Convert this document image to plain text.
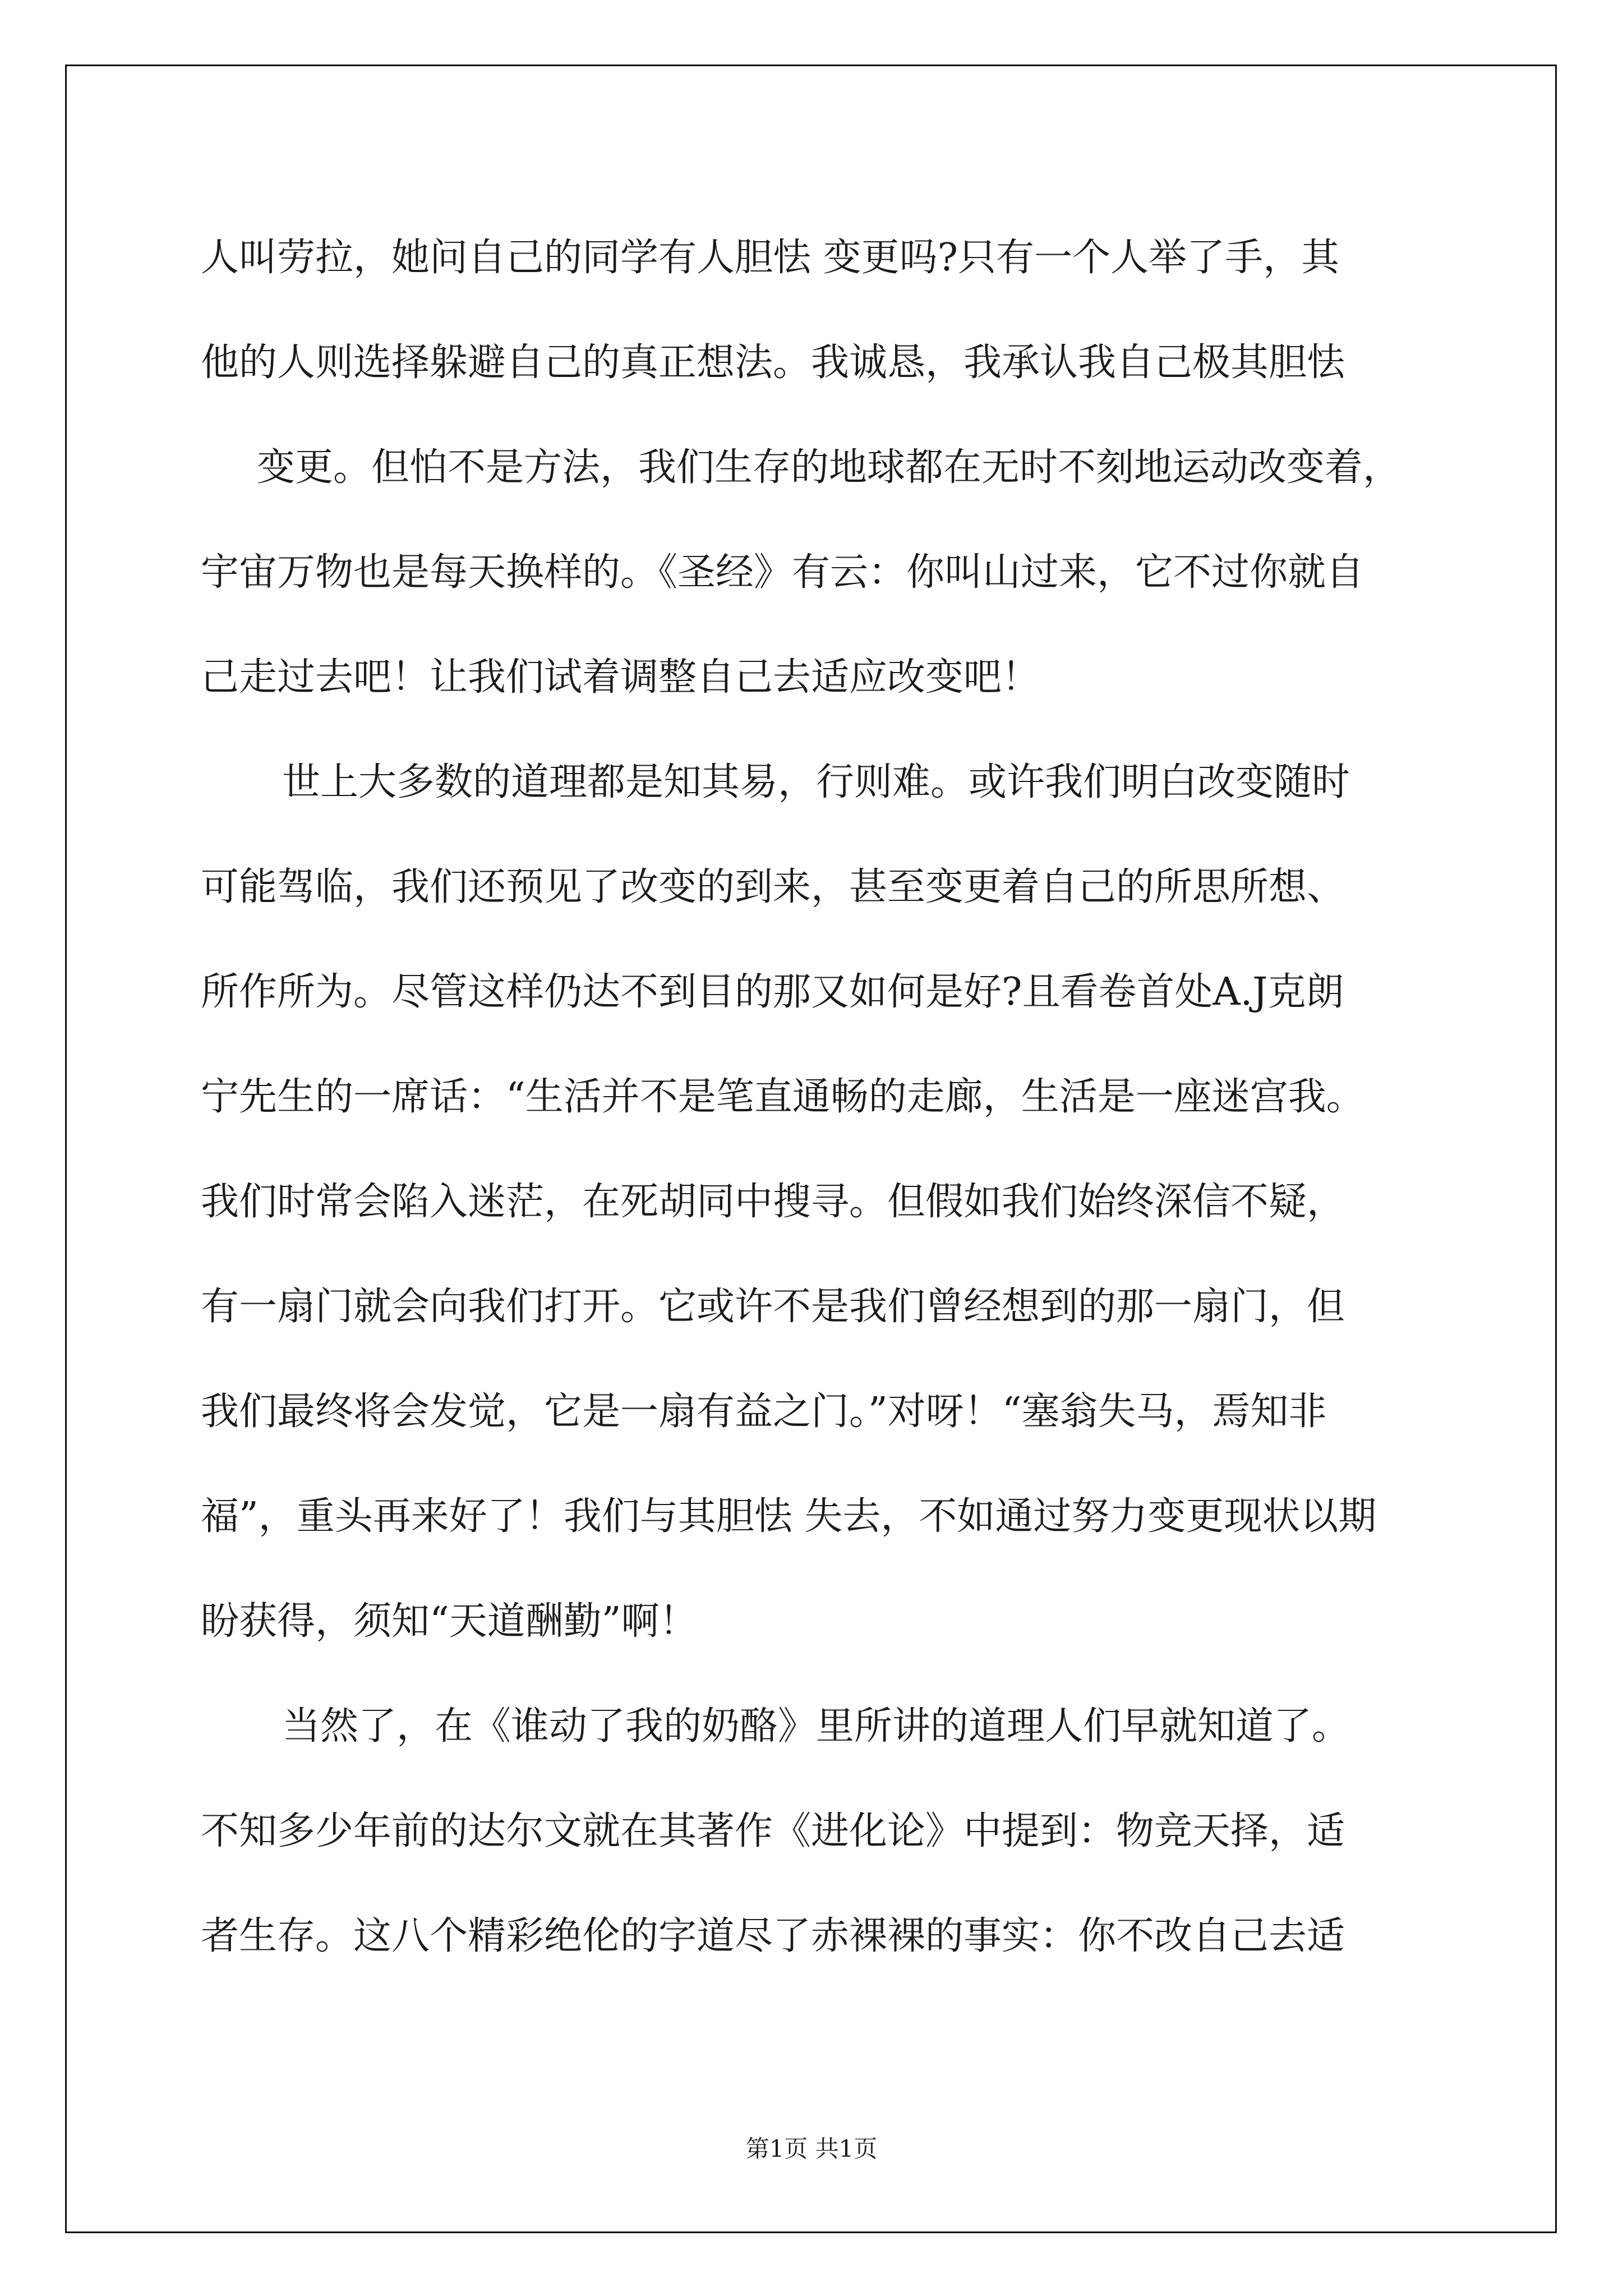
人叫劳拉，她问自己的同学有人胆怯 变更吗?只有一个人举了手，其
他的人则选择躲避自己的真正想法。我诚恳，我承认我自己极其胆怯
变更。但怕不是方法，我们生存的地球都在无时不刻地运动改变着，
宇宙万物也是每天换样的。《圣经》有云：你叫山过来，它不过你就自
己走过去吧！让我们试着调整自己去适应改变吧！
世上大多数的道理都是知其易，行则难。或许我们明白改变随时
可能驾临，我们还预见了改变的到来，甚至变更着自己的所思所想、
所作所为。尽管这样仍达不到目的那又如何是好?且看卷首处A.J克朗
宁先生的一席话：“生活并不是笔直通畅的走廊，生活是一座迷宫我。
我们时常会陷入迷茫，在死胡同中搜寻。但假如我们始终深信不疑，
有一扇门就会向我们打开。它或许不是我们曾经想到的那一扇门，但
我们最终将会发觉，它是一扇有益之门。”对呀！“塞翁失马，焉知非
福”，重头再来好了！我们与其胆怯 失去，不如通过努力变更现状以期
盼获得，须知“天道酬勤”啊！
当然了，在《谁动了我的奶酪》里所讲的道理人们早就知道了。
不知多少年前的达尔文就在其著作《进化论》中提到：物竞天择，适
者生存。这八个精彩绝伦的字道尽了赤裸裸的事实：你不改自己去适
第1页 共1页
